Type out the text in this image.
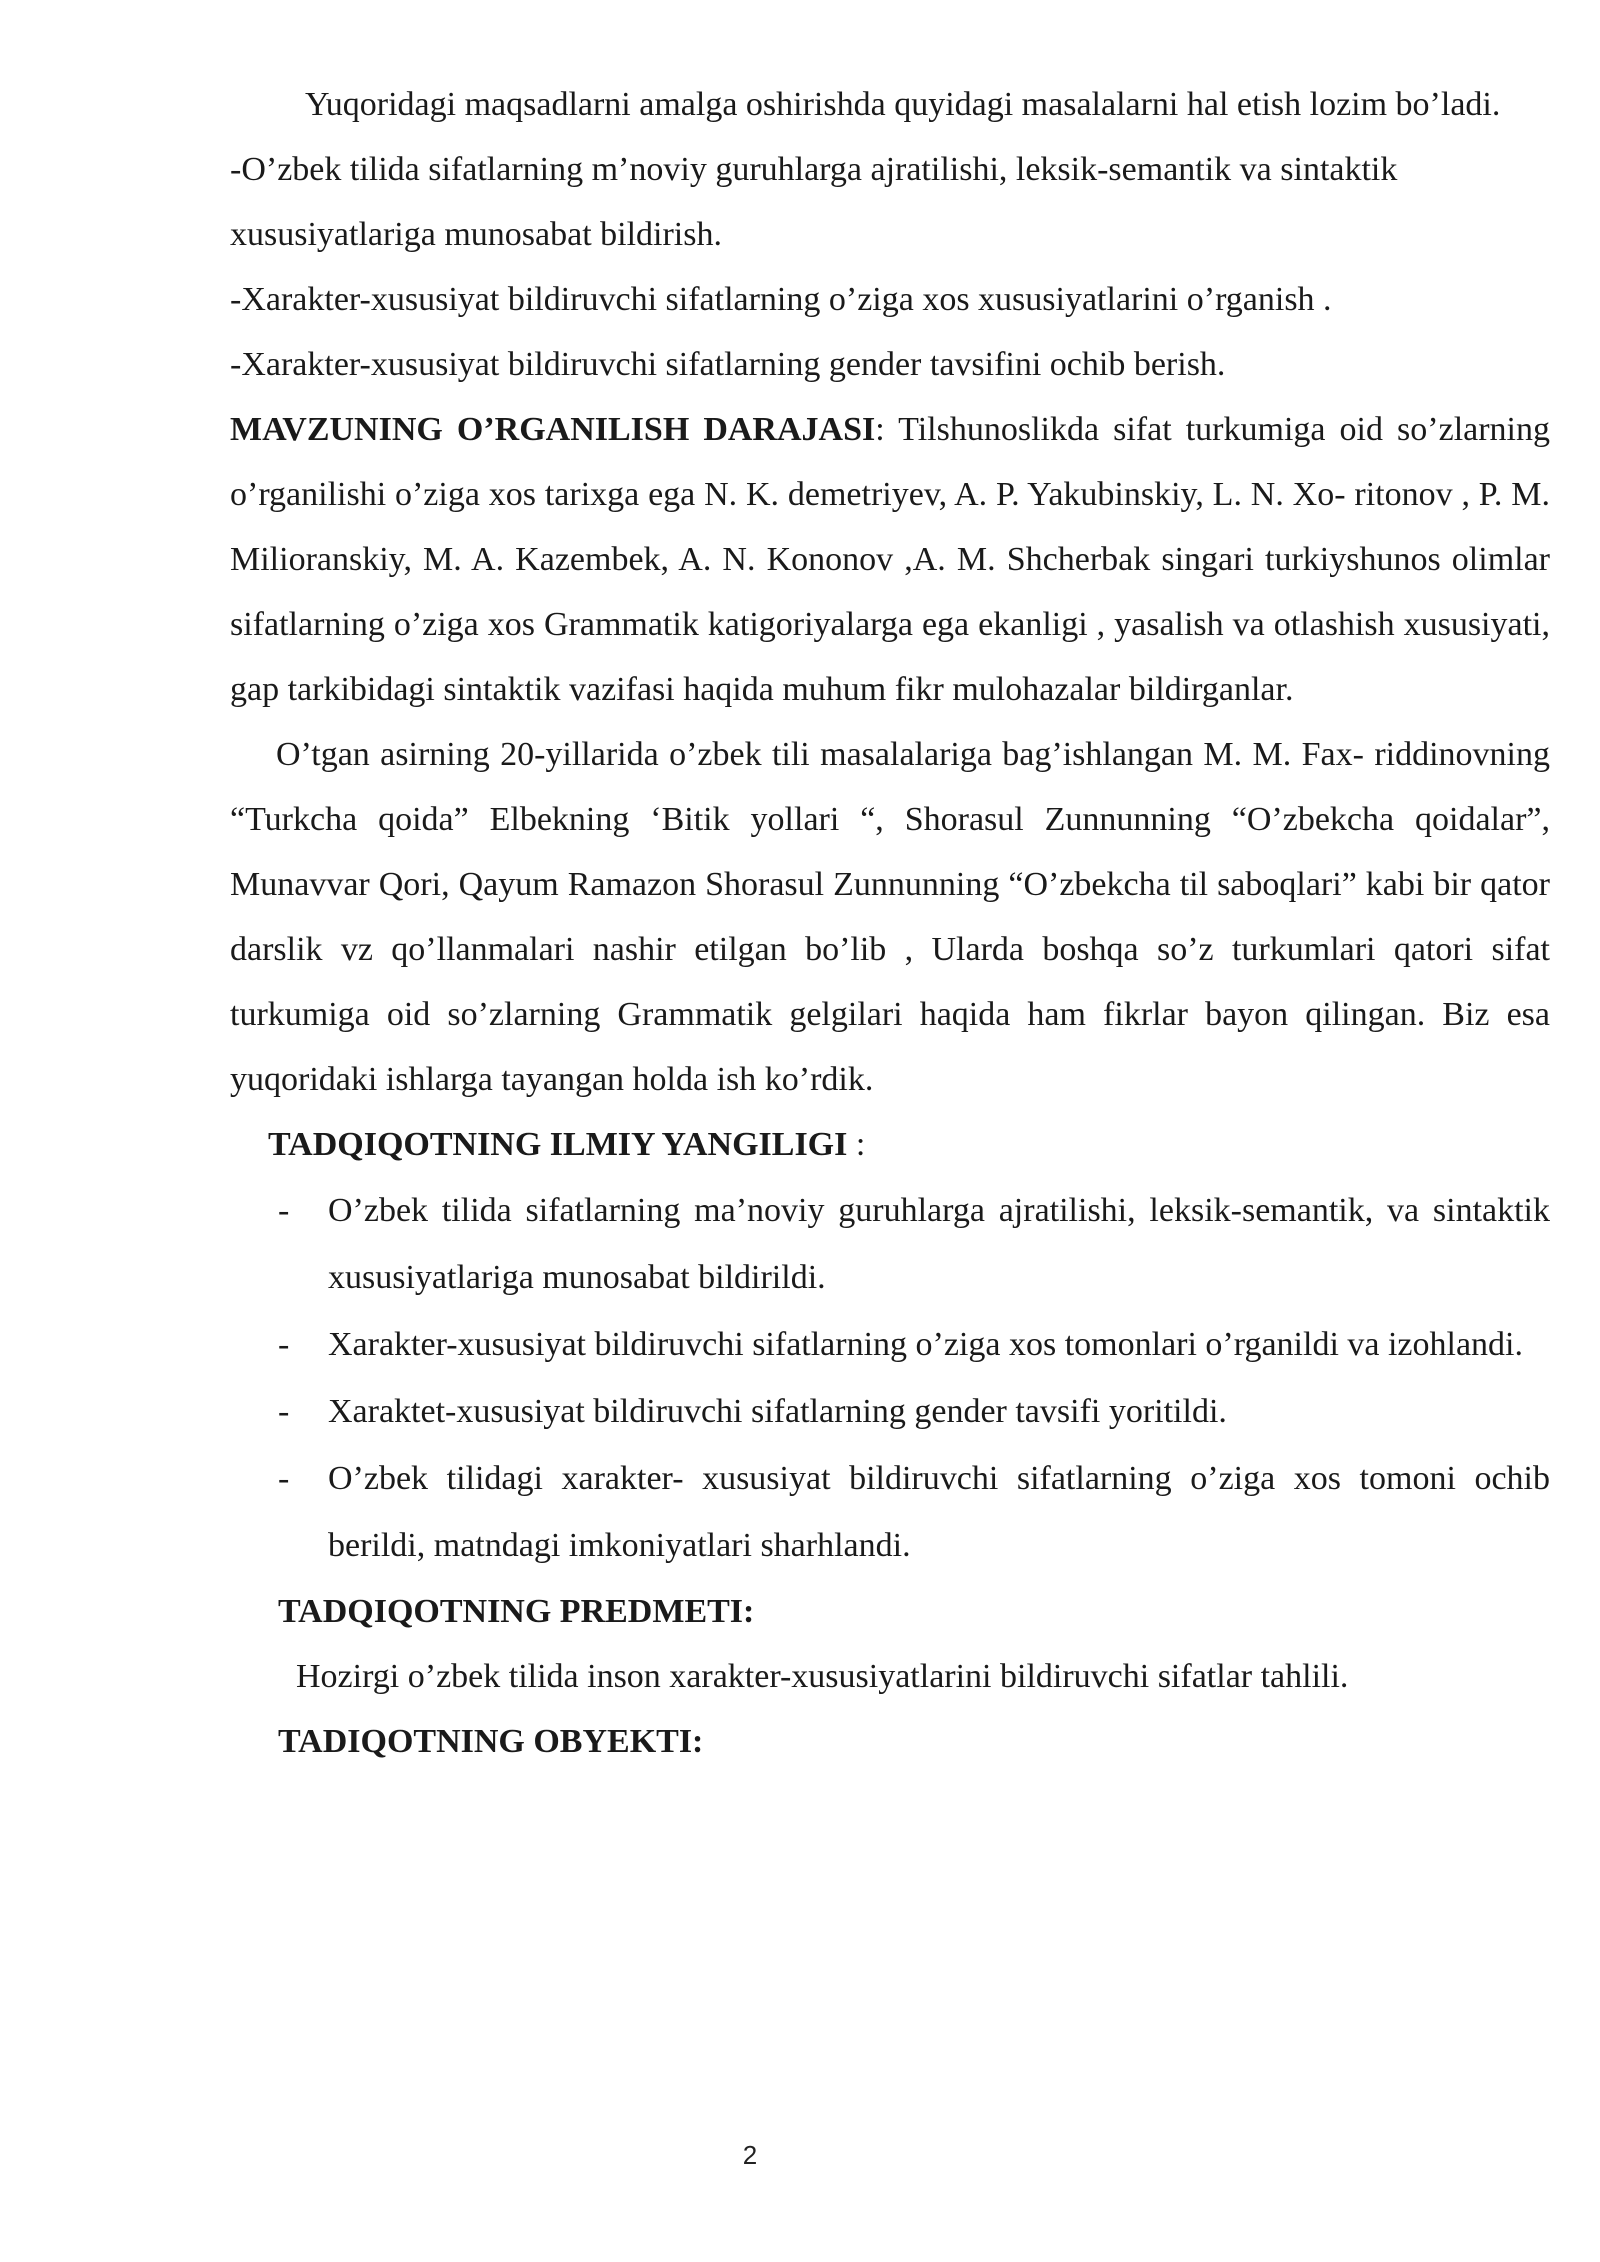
Yuqoridagi maqsadlarni amalga oshirishda quyidagi masalalarni hal etish lozim bo’ladi.

-O’zbek tilida sifatlarning m’noviy guruhlarga ajratilishi, leksik-semantik va sintaktik xususiyatlariga munosabat bildirish.

-Xarakter-xususiyat bildiruvchi sifatlarning o’ziga xos xususiyatlarini o’rganish .

-Xarakter-xususiyat bildiruvchi sifatlarning gender tavsifini ochib berish.

MAVZUNING O’RGANILISH DARAJASI: Tilshunoslikda sifat turkumiga oid so’zlarning o’rganilishi o’ziga xos tarixga ega N. K. demetriyev, A. P. Yakubinskiy, L. N. Xo- ritonov , P. M. Milioranskiy, M. A. Kazembek, A. N. Kononov ,A. M. Shcherbak singari turkiyshunos olimlar sifatlarning o’ziga xos Grammatik katigoriyalarga ega ekanligi , yasalish va otlashish xususiyati, gap tarkibidagi sintaktik vazifasi haqida muhum fikr mulohazalar bildirganlar.

O’tgan asirning 20-yillarida o’zbek tili masalalariga bag’ishlangan M. M. Fax- riddinovning “Turkcha qoida” Elbekning ‘Bitik yollari “, Shorasul Zunnunning “O’zbekcha qoidalar”, Munavvar Qori, Qayum Ramazon Shorasul Zunnunning “O’zbekcha til saboqlari” kabi bir qator darslik vz qo’llanmalari nashir etilgan bo’lib , Ularda boshqa so’z turkumlari qatori sifat turkumiga oid so’zlarning Grammatik gelgilari haqida ham fikrlar bayon qilingan. Biz esa yuqoridaki ishlarga tayangan holda ish ko’rdik.

TADQIQOTNING ILMIY YANGILIGI :

- O’zbek tilida sifatlarning ma’noviy guruhlarga ajratilishi, leksik-semantik, va sintaktik xususiyatlariga munosabat bildirildi.
- Xarakter-xususiyat bildiruvchi sifatlarning o’ziga xos tomonlari o’rganildi va izohlandi.
- Xaraktet-xususiyat bildiruvchi sifatlarning gender tavsifi yoritildi.
- O’zbek tilidagi xarakter- xususiyat bildiruvchi sifatlarning o’ziga xos tomoni ochib berildi, matndagi imkoniyatlari sharhlandi.

TADQIQOTNING PREDMETI:

Hozirgi o’zbek tilida inson xarakter-xususiyatlarini bildiruvchi sifatlar tahlili.

TADIQOTNING OBYEKTI:

2
